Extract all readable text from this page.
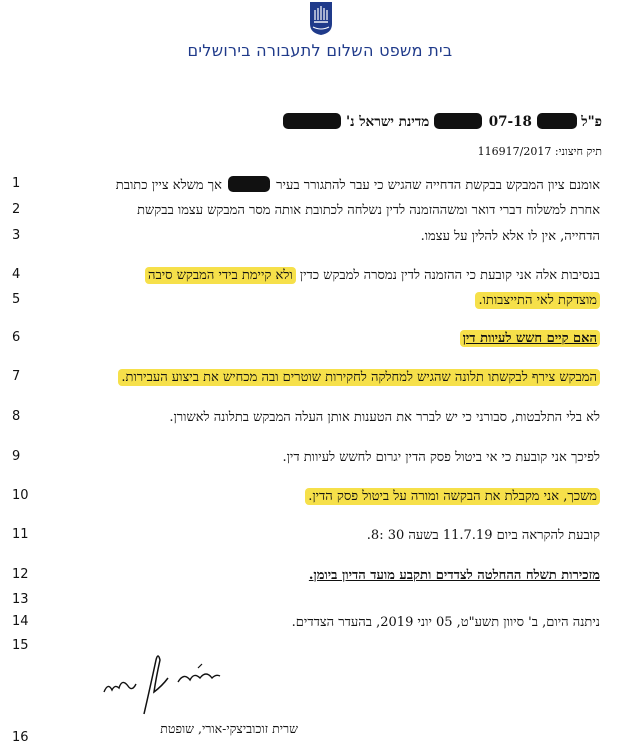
בית משפט השלום לתעבורה בירושלים
פ"ל  07-18  מדינת ישראל נ'
תיק חיצוני: 116917/2017
1
2
3
4
5
6
7
8
9
10
11
12
13
14
15
16
אומנם ציון המבקש בבקשת הדחייה שהגיש כי עבר להתגורר בעיר  אך משלא ציין כתובת
אחרת למשלוח דברי דואר ומשההזמנה לדין נשלחה לכתובת אותה מסר המבקש עצמו בבקשת
הדחייה, אין לו אלא להלין על עצמו.
בנסיבות אלה אני קובעת כי ההזמנה לדין נמסרה למבקש כדין ולא קיימת בידי המבקש סיבה
מוצדקת לאי התייצבותו.
האם קיים חשש לעיוות דין
המבקש צירף לבקשתו תלונה שהגיש למחלקה לחקירות שוטרים ובה מכחיש את ביצוע העבירות.
לא בלי התלבטות, סבורני כי יש לברר את הטענות אותן העלה המבקש בתלונה לאשורן.
לפיכך אני קובעת כי אי ביטול פסק הדין יגרום לחשש לעיוות דין.
משכך, אני מקבלת את הבקשה ומורה על ביטול פסק הדין.
קובעת להקראה ביום 11.7.19 בשעה 30 :8.
מזכירות תשלח ההחלטה לצדדים ותקבע מועד הדיון ביומן.
ניתנה היום, ב' סיוון תשע"ט, 05 יוני 2019, בהעדר הצדדים.
שרית זוכוביצקי-אורי, שופטת
